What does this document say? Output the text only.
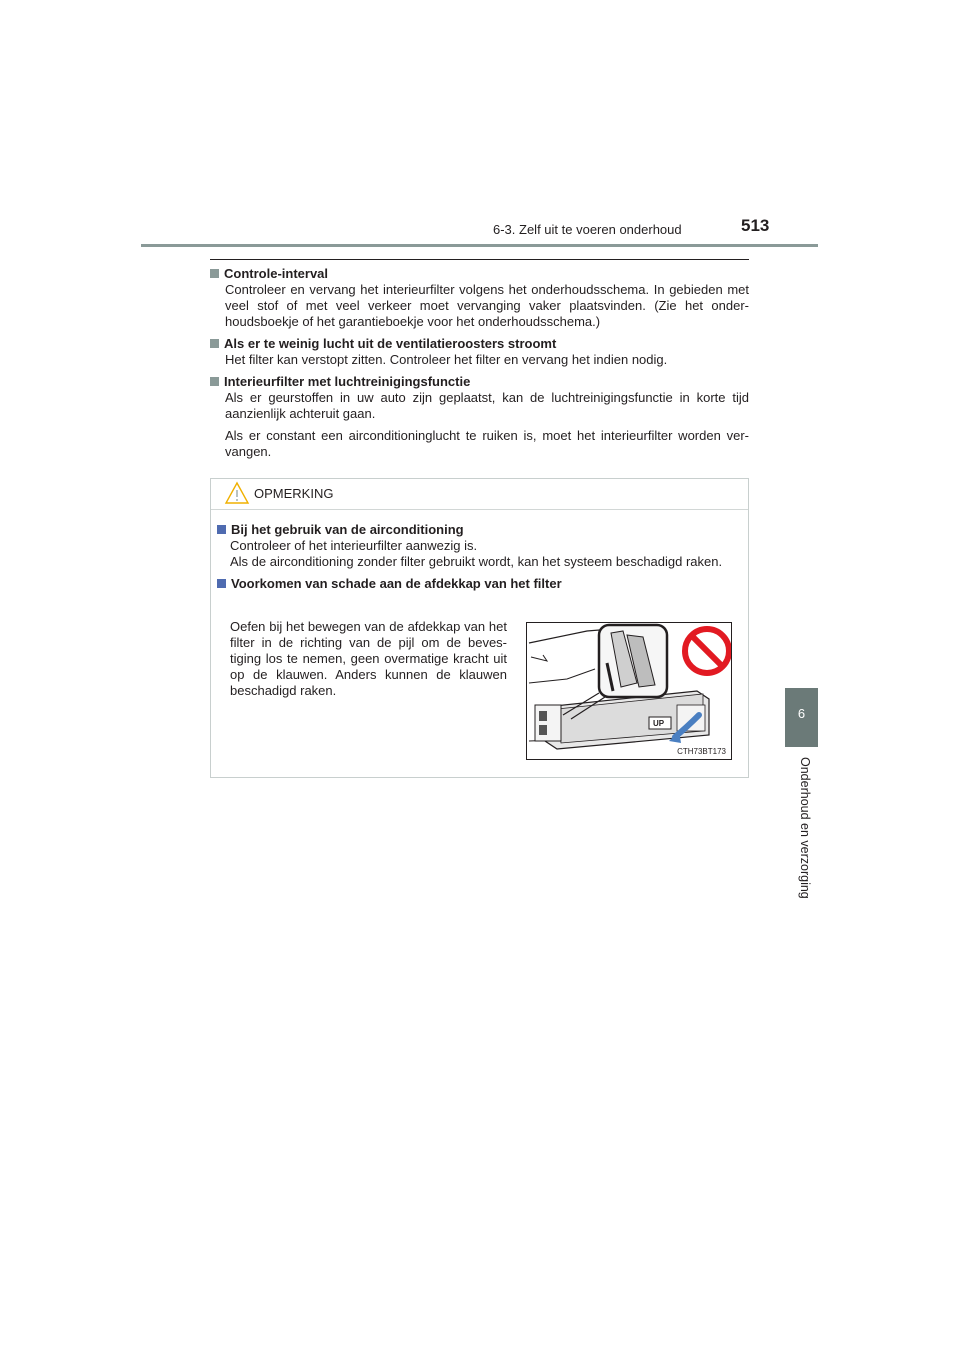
6-3. Zelf uit te voeren onderhoud	513
6
Onderhoud en verzorging
Controle-interval
Controleer en vervang het interieurfilter volgens het onderhoudsschema. In gebieden met veel stof of met veel verkeer moet vervanging vaker plaatsvinden. (Zie het onder-houdsboekje of het garantieboekje voor het onderhoudsschema.)
Als er te weinig lucht uit de ventilatieroosters stroomt
Het filter kan verstopt zitten. Controleer het filter en vervang het indien nodig.
Interieurfilter met luchtreinigingsfunctie
Als er geurstoffen in uw auto zijn geplaatst, kan de luchtreinigingsfunctie in korte tijd aanzienlijk achteruit gaan.
Als er constant een airconditioninglucht te ruiken is, moet het interieurfilter worden ver-vangen.
OPMERKING
Bij het gebruik van de airconditioning
Controleer of het interieurfilter aanwezig is.
Als de airconditioning zonder filter gebruikt wordt, kan het systeem beschadigd raken.
Voorkomen van schade aan de afdekkap van het filter
Oefen bij het bewegen van de afdekkap van het filter in de richting van de pijl om de beves-tiging los te nemen, geen overmatige kracht uit op de klauwen. Anders kunnen de klauwen beschadigd raken.
UP
CTH73BT173
